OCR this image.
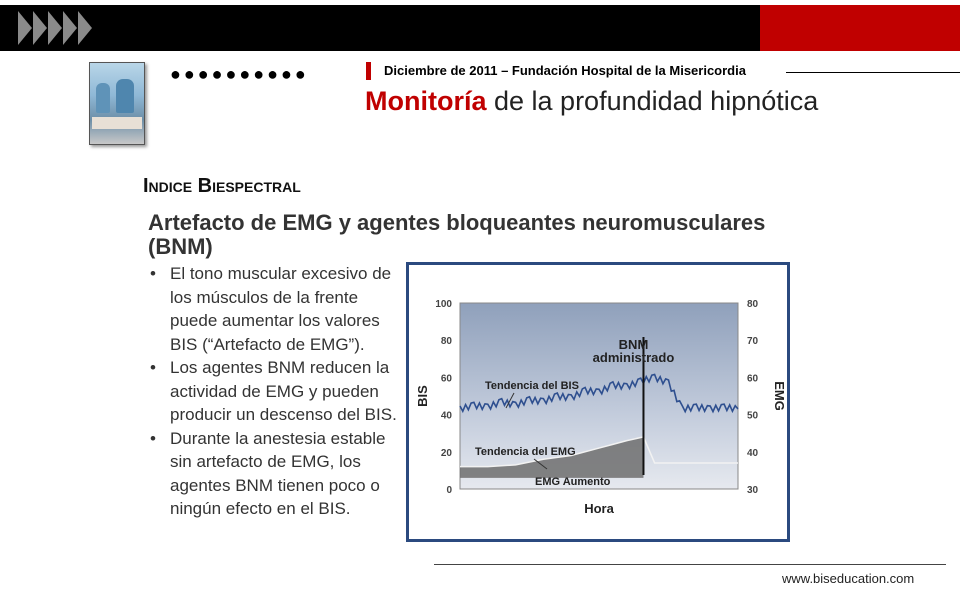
●●●●●●●●●●	Diciembre de 2011 – Fundación Hospital de la Misericordia
Monitoría de la profundidad hipnótica
Indice Biespectral
Artefacto de EMG y agentes bloqueantes neuromusculares (BNM)
• El tono muscular excesivo de los músculos de la frente puede aumentar los valores BIS (“Artefacto de EMG”).
• Los agentes BNM reducen la actividad de EMG y pueden producir un descenso del BIS.
• Durante la anestesia estable sin artefacto de EMG, los agentes BNM tienen poco o ningún efecto en el BIS.
100
80
60
40
20
0
80
70
60
50
40
30
BIS	EMG
Hora
BNM
administrado
Tendencia del BIS
Tendencia del EMG
EMG Aumento
www.biseducation.com
